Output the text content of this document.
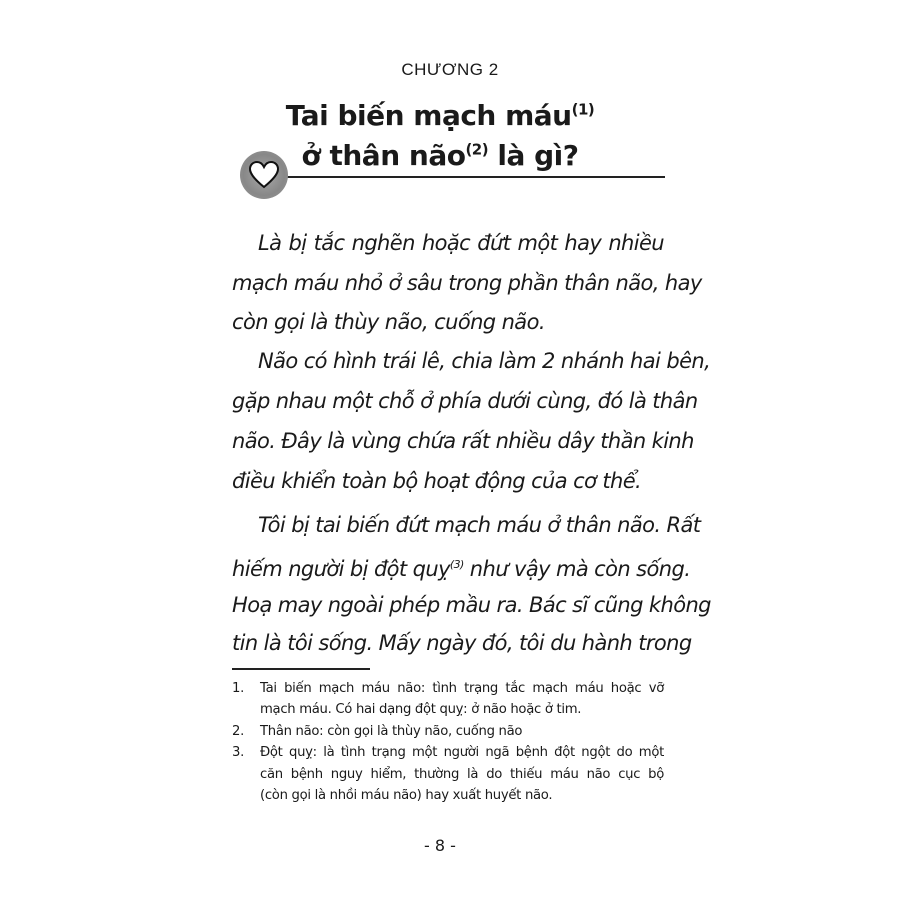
CHƯƠNG 2
Tai biến mạch máu$^{(1)}$
ở thân não$^{(2)}$ là gì?
Là bị tắc nghẽn hoặc đứt một hay nhiều
mạch máu nhỏ ở sâu trong phần thân não, hay
còn gọi là thùy não, cuống não.
Não có hình trái lê, chia làm 2 nhánh hai bên,
gặp nhau một chỗ ở phía dưới cùng, đó là thân
não. Đây là vùng chứa rất nhiều dây thần kinh
điều khiển toàn bộ hoạt động của cơ thể.
Tôi bị tai biến đứt mạch máu ở thân não. Rất
hiếm người bị đột quỵ$^{(3)}$ như vậy mà còn sống.
Hoạ may ngoài phép mầu ra. Bác sĩ cũng không
tin là tôi sống. Mấy ngày đó, tôi du hành trong
1. Tai biến mạch máu não: tình trạng tắc mạch máu hoặc vỡ
mạch máu. Có hai dạng đột quỵ: ở não hoặc ở tim.
2. Thân não: còn gọi là thùy não, cuống não
3. Đột quỵ: là tình trạng một người ngã bệnh đột ngột do một
căn bệnh nguy hiểm, thường là do thiếu máu não cục bộ
(còn gọi là nhồi máu não) hay xuất huyết não.
- 8 -
